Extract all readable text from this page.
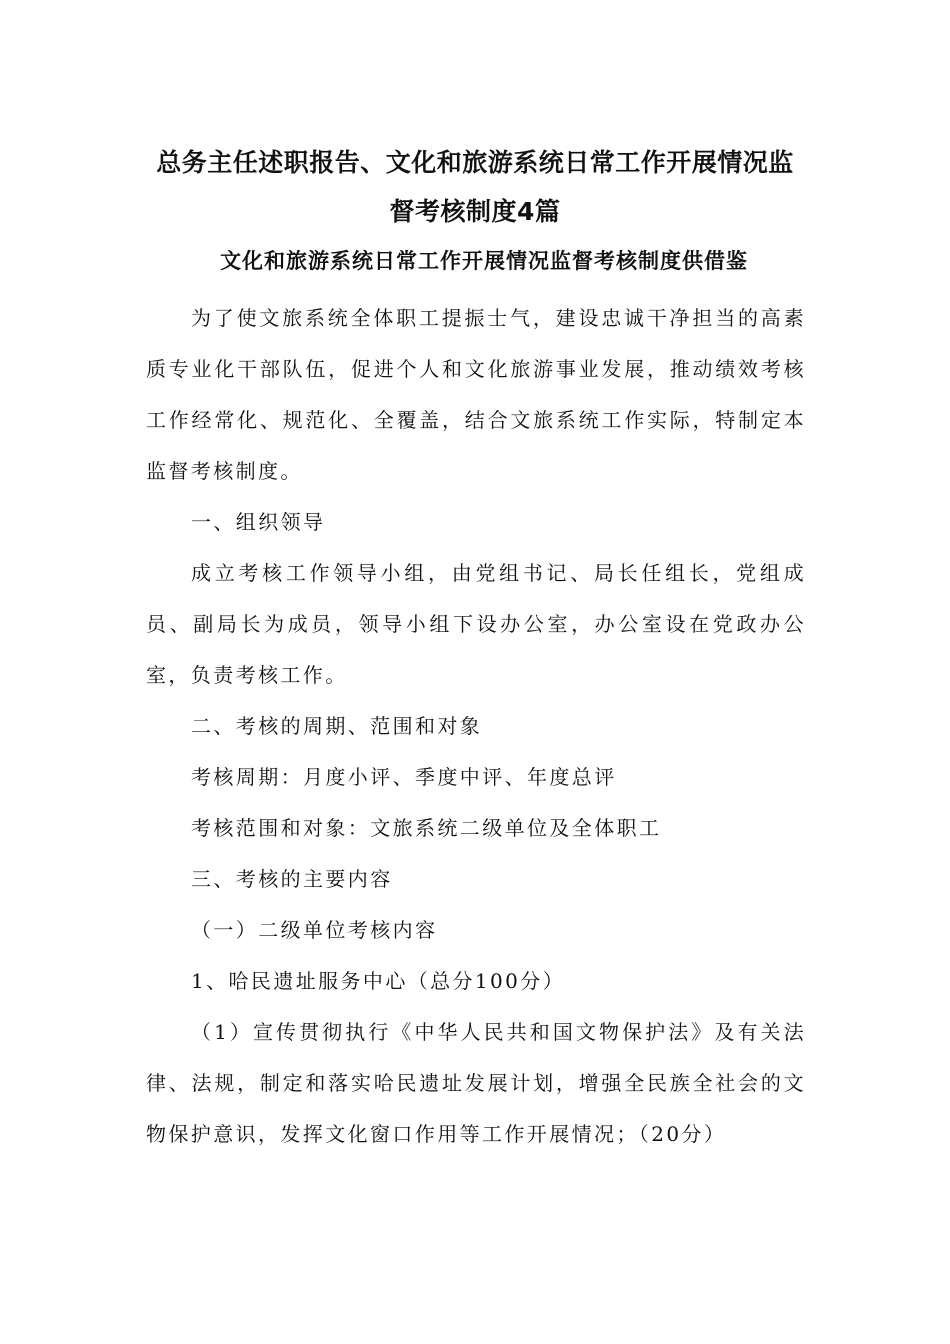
总务主任述职报告、文化和旅游系统日常工作开展情况监
督考核制度4篇
文化和旅游系统日常工作开展情况监督考核制度供借鉴

为了使文旅系统全体职工提振士气，建设忠诚干净担当的高素质专业化干部队伍，促进个人和文化旅游事业发展，推动绩效考核工作经常化、规范化、全覆盖，结合文旅系统工作实际，特制定本监督考核制度。

一、组织领导

成立考核工作领导小组，由党组书记、局长任组长，党组成员、副局长为成员，领导小组下设办公室，办公室设在党政办公室，负责考核工作。

二、考核的周期、范围和对象

考核周期：月度小评、季度中评、年度总评

考核范围和对象：文旅系统二级单位及全体职工

三、考核的主要内容

（一）二级单位考核内容

1、哈民遗址服务中心（总分100分）

（1）宣传贯彻执行《中华人民共和国文物保护法》及有关法律、法规，制定和落实哈民遗址发展计划，增强全民族全社会的文物保护意识，发挥文化窗口作用等工作开展情况；（20分）
